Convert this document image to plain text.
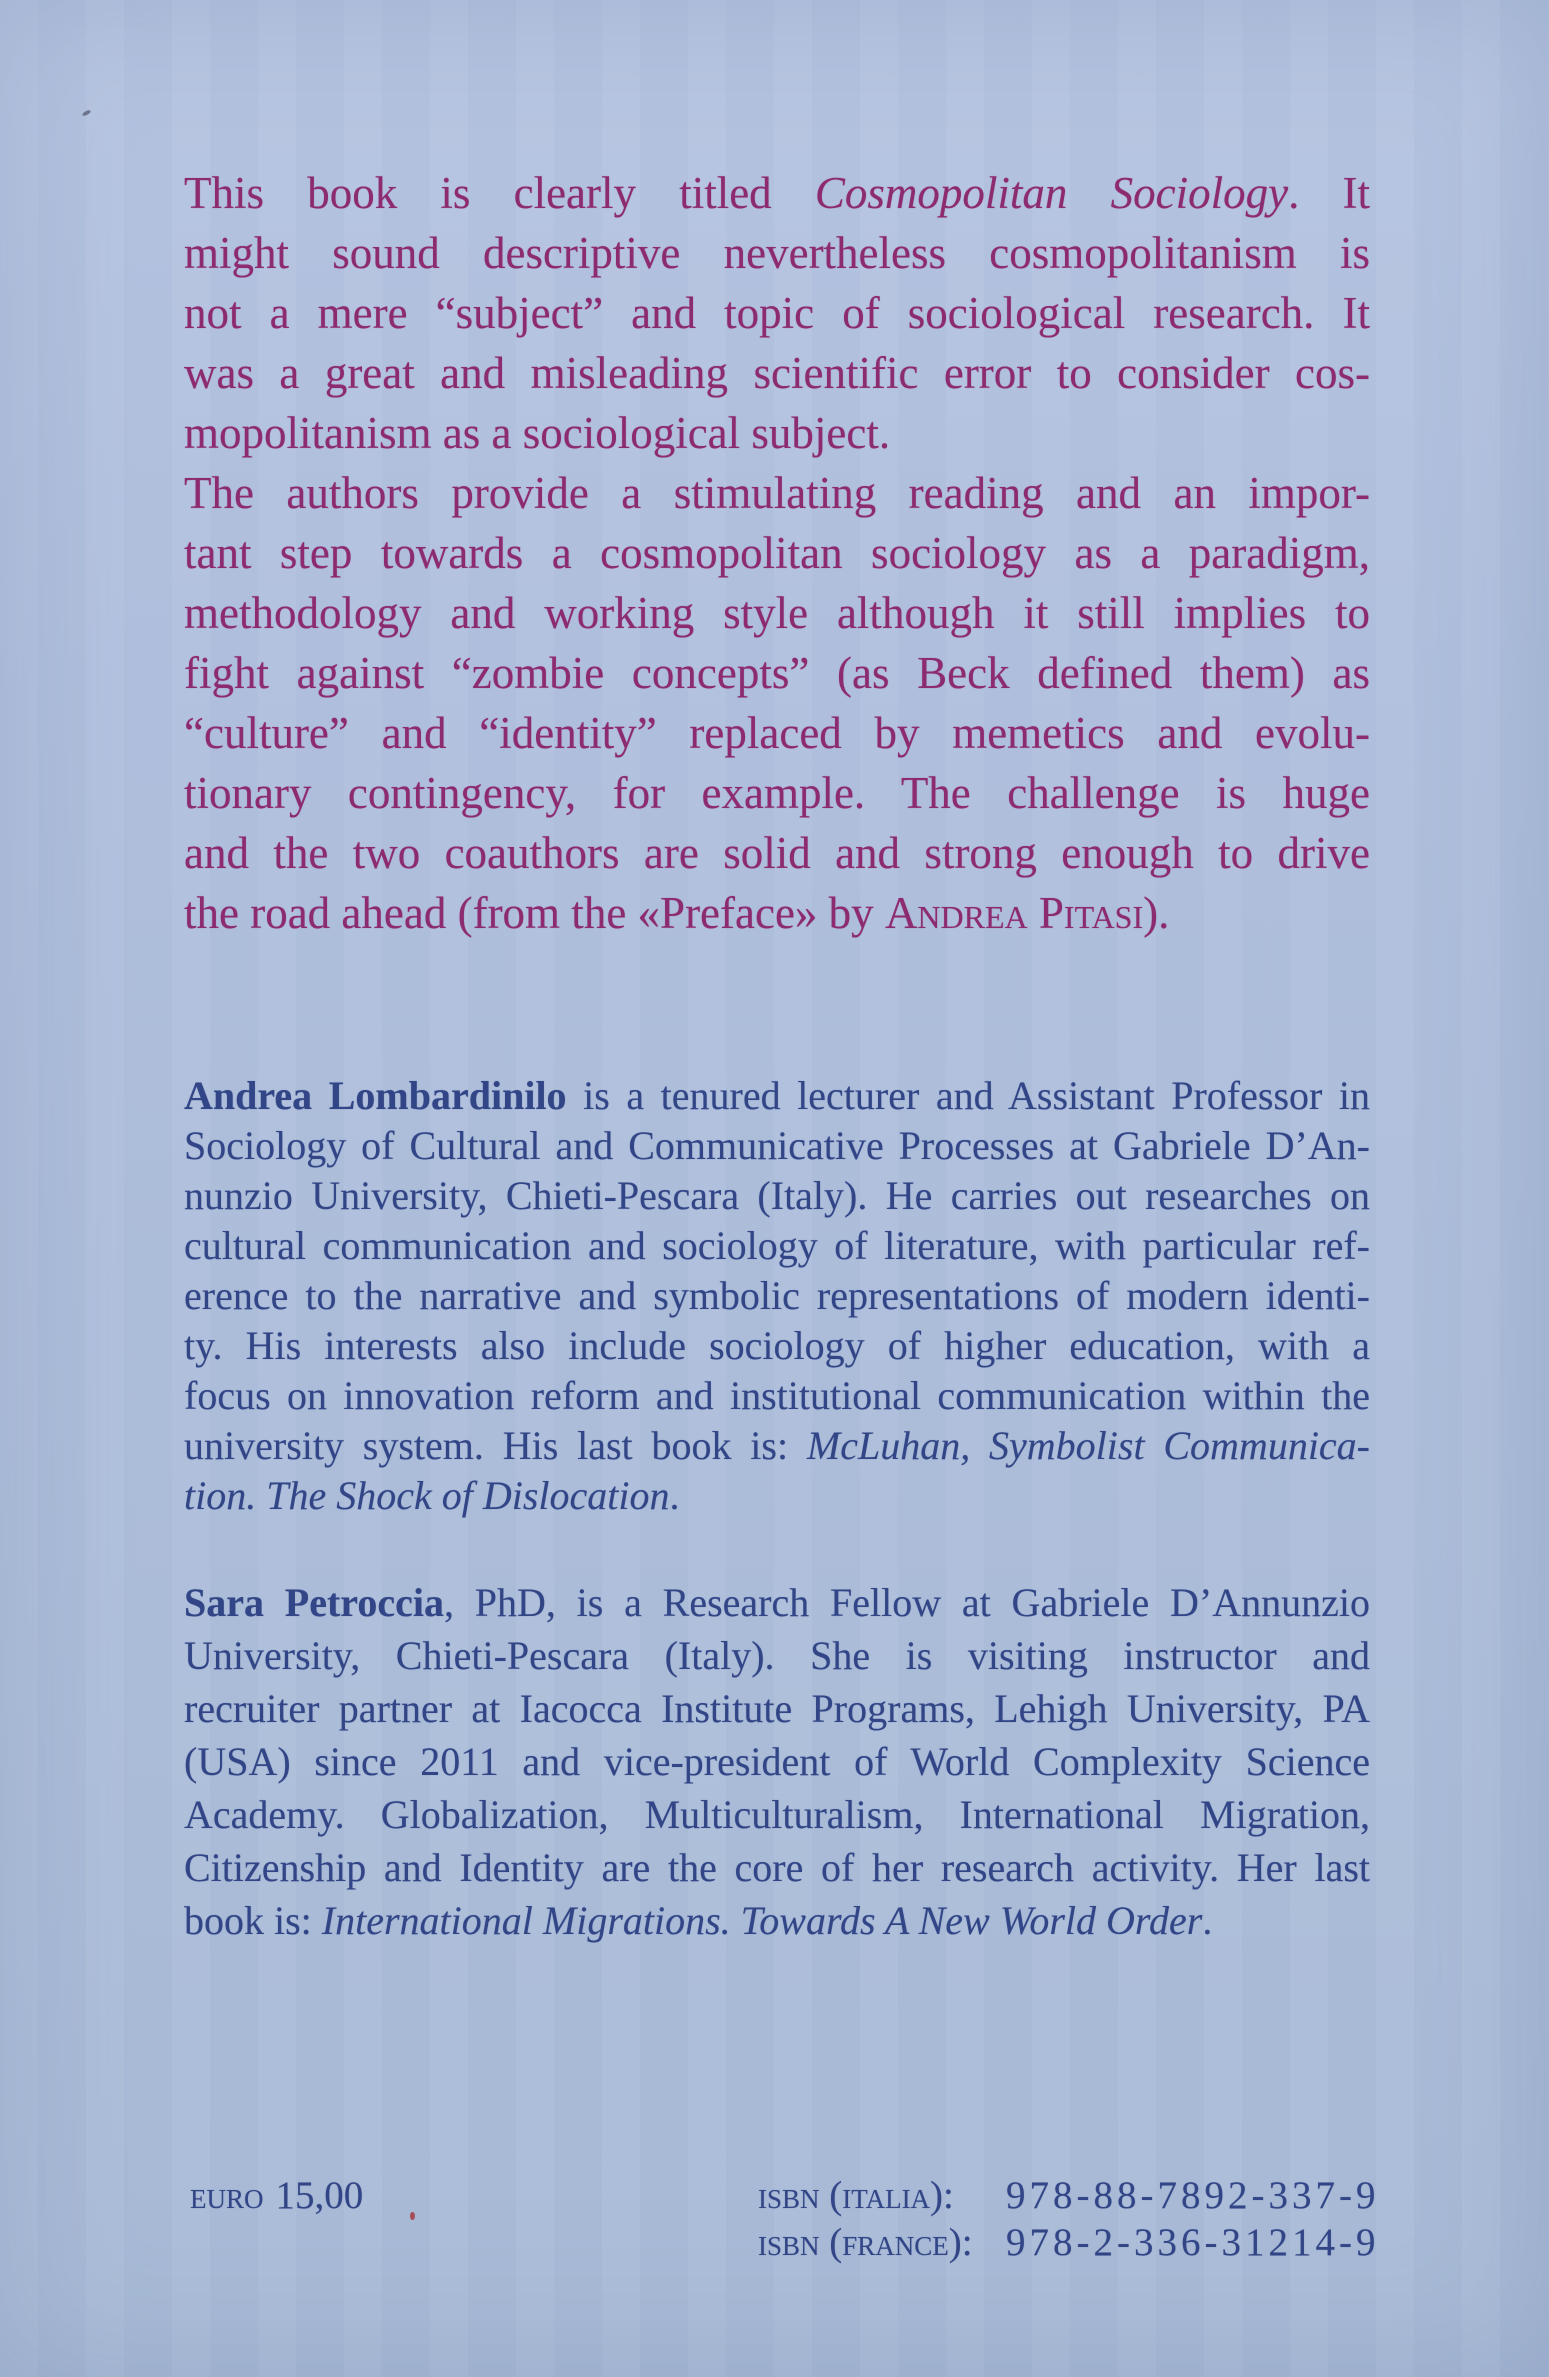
This book is clearly titled Cosmopolitan Sociology. It
might sound descriptive nevertheless cosmopolitanism is
not a mere “subject” and topic of sociological research. It
was a great and misleading scientific error to consider cos-
mopolitanism as a sociological subject.
The authors provide a stimulating reading and an impor-
tant step towards a cosmopolitan sociology as a paradigm,
methodology and working style although it still implies to
fight against “zombie concepts” (as Beck defined them) as
“culture” and “identity” replaced by memetics and evolu-
tionary contingency, for example. The challenge is huge
and the two coauthors are solid and strong enough to drive
the road ahead (from the «Preface» by Andrea Pitasi).
Andrea Lombardinilo is a tenured lecturer and Assistant Professor in
Sociology of Cultural and Communicative Processes at Gabriele D’An-
nunzio University, Chieti-Pescara (Italy). He carries out researches on
cultural communication and sociology of literature, with particular ref-
erence to the narrative and symbolic representations of modern identi-
ty. His interests also include sociology of higher education, with a
focus on innovation reform and institutional communication within the
university system. His last book is: McLuhan, Symbolist Communica-
tion. The Shock of Dislocation.
Sara Petroccia, PhD, is a Research Fellow at Gabriele D’Annunzio
University, Chieti-Pescara (Italy). She is visiting instructor and
recruiter partner at Iacocca Institute Programs, Lehigh University, PA
(USA) since 2011 and vice-president of World Complexity Science
Academy. Globalization, Multiculturalism, International Migration,
Citizenship and Identity are the core of her research activity. Her last
book is: International Migrations. Towards A New World Order.
euro 15,00	isbn (italia):	978-88-7892-337-9
isbn (france): 978-2-336-31214-9
